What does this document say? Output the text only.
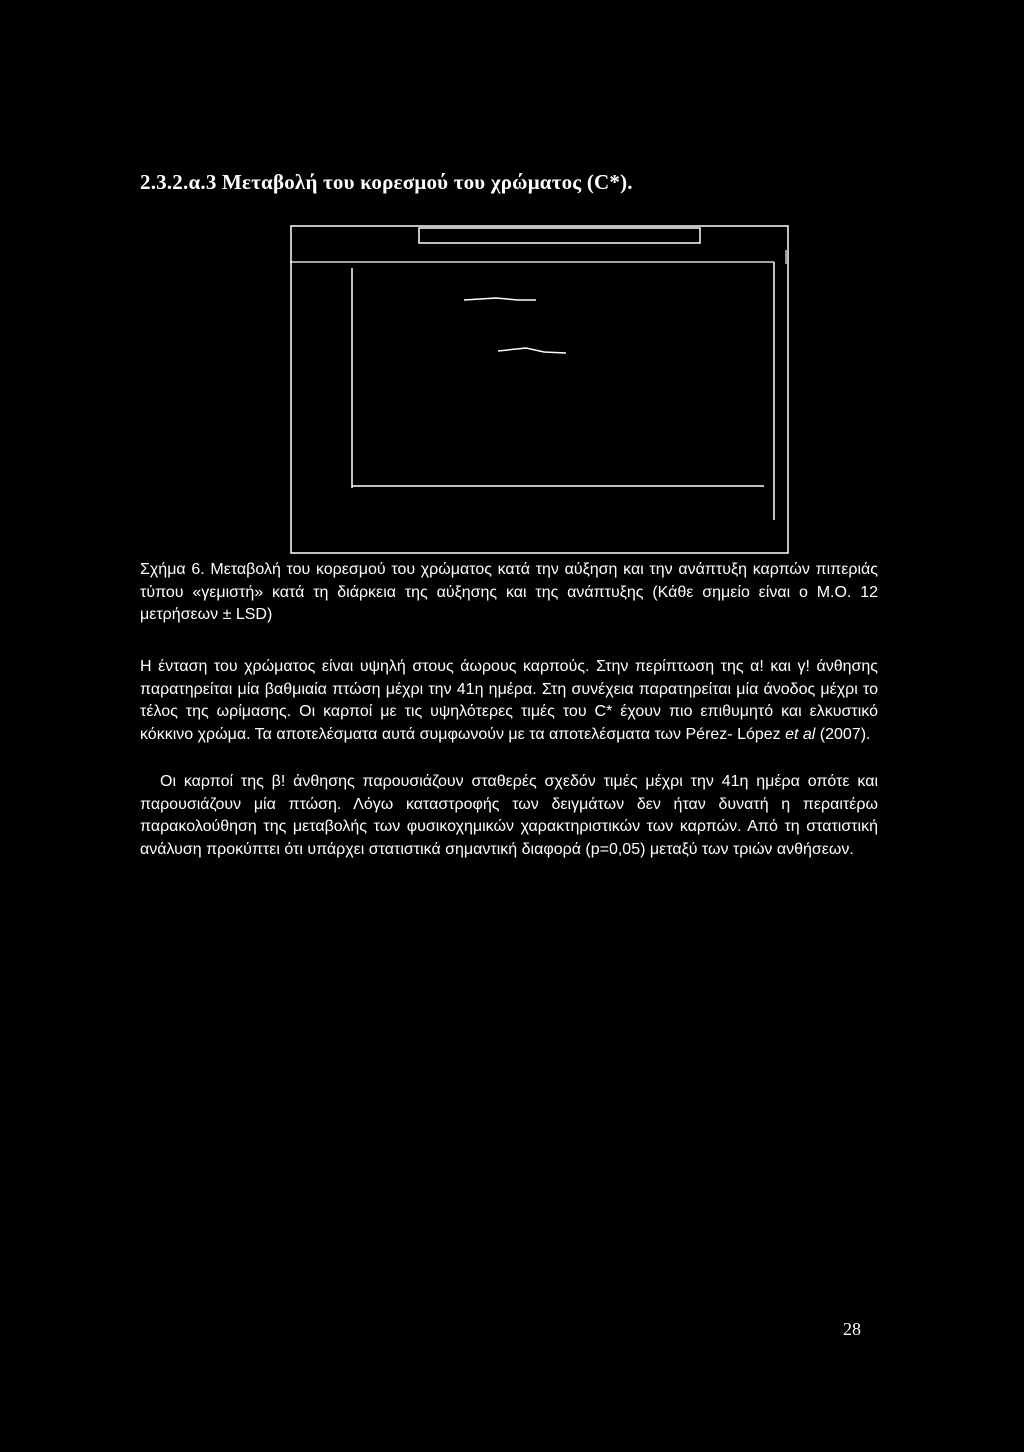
2.3.2.α.3 Μεταβολή του κορεσμού του χρώματος (C*).
Σχήμα 6. Μεταβολή του κορεσμού του χρώματος κατά την αύξηση και την ανάπτυξη καρπών πιπεριάς τύπου «γεμιστή» κατά τη διάρκεια της αύξησης και της ανάπτυξης (Κάθε σημείο είναι ο Μ.Ο. 12 μετρήσεων ± LSD)

Η ένταση του χρώματος είναι υψηλή στους άωρους καρπούς. Στην περίπτωση της α! και γ! άνθησης παρατηρείται μία βαθμιαία πτώση μέχρι την 41η ημέρα. Στη συνέχεια παρατηρείται μία άνοδος μέχρι το τέλος της ωρίμασης. Οι καρποί με τις υψηλότερες τιμές του C* έχουν πιο επιθυμητό και ελκυστικό κόκκινο χρώμα. Τα αποτελέσματα αυτά συμφωνούν με τα αποτελέσματα των Pérez- López et al (2007).

Οι καρποί της β! άνθησης παρουσιάζουν σταθερές σχεδόν τιμές μέχρι την 41η ημέρα οπότε και παρουσιάζουν μία πτώση. Λόγω καταστροφής των δειγμάτων δεν ήταν δυνατή η περαιτέρω παρακολούθηση της μεταβολής των φυσικοχημικών χαρακτηριστικών των καρπών. Από τη στατιστική ανάλυση προκύπτει ότι υπάρχει στατιστικά σημαντική διαφορά (p=0,05) μεταξύ των τριών ανθήσεων.

28
